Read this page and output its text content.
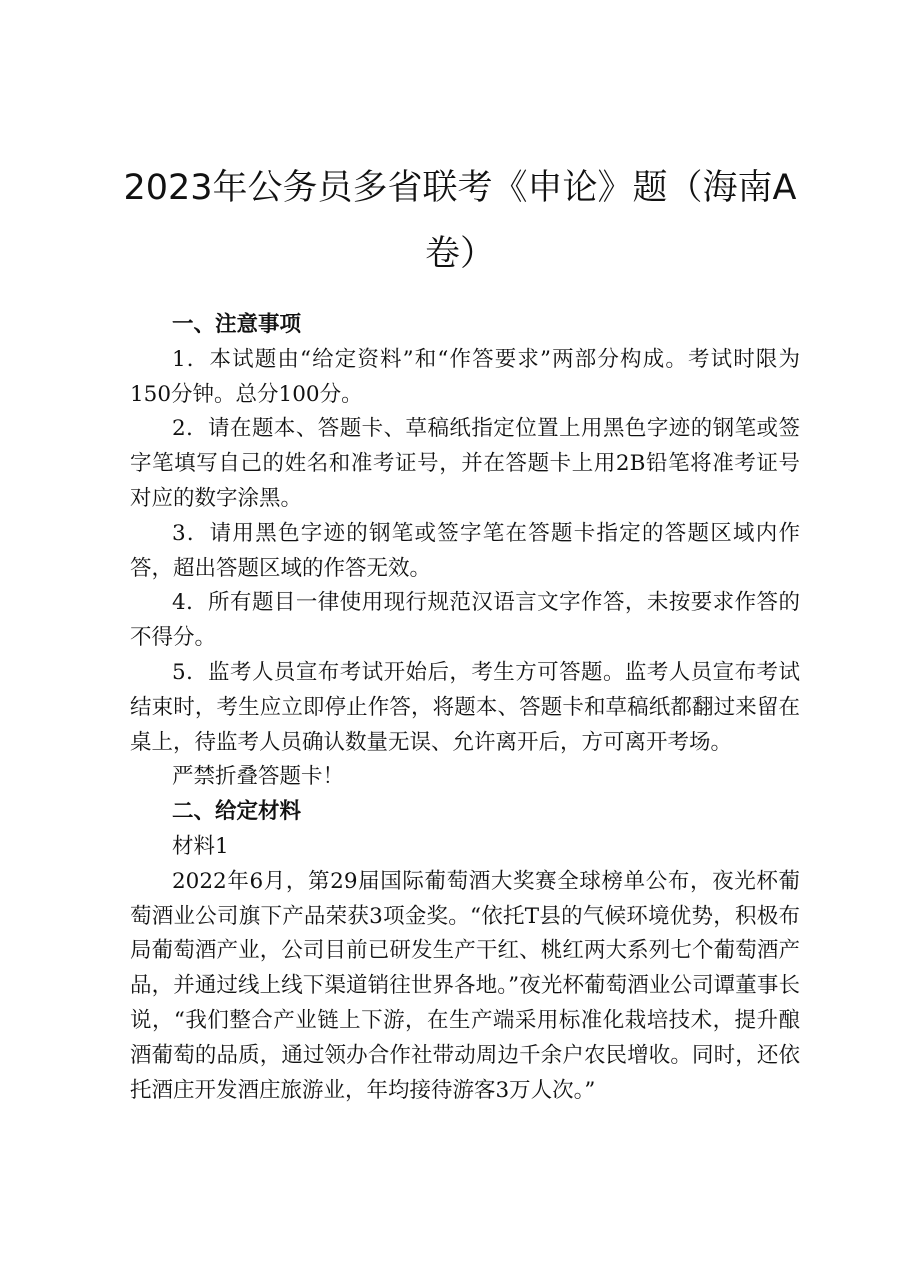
2023年公务员多省联考《申论》题（海南A
卷）

一、注意事项

1．本试题由“给定资料”和“作答要求”两部分构成。考试时限为150分钟。总分100分。

2．请在题本、答题卡、草稿纸指定位置上用黑色字迹的钢笔或签字笔填写自己的姓名和准考证号，并在答题卡上用2B铅笔将准考证号对应的数字涂黑。

3．请用黑色字迹的钢笔或签字笔在答题卡指定的答题区域内作答，超出答题区域的作答无效。

4．所有题目一律使用现行规范汉语言文字作答，未按要求作答的不得分。

5．监考人员宣布考试开始后，考生方可答题。监考人员宣布考试结束时，考生应立即停止作答，将题本、答题卡和草稿纸都翻过来留在桌上，待监考人员确认数量无误、允许离开后，方可离开考场。

严禁折叠答题卡！

二、给定材料

材料1

2022年6月，第29届国际葡萄酒大奖赛全球榜单公布，夜光杯葡萄酒业公司旗下产品荣获3项金奖。“依托T县的气候环境优势，积极布局葡萄酒产业，公司目前已研发生产干红、桃红两大系列七个葡萄酒产品，并通过线上线下渠道销往世界各地。”夜光杯葡萄酒业公司谭董事长说，“我们整合产业链上下游，在生产端采用标准化栽培技术，提升酿酒葡萄的品质，通过领办合作社带动周边千余户农民增收。同时，还依托酒庄开发酒庄旅游业，年均接待游客3万人次。”
